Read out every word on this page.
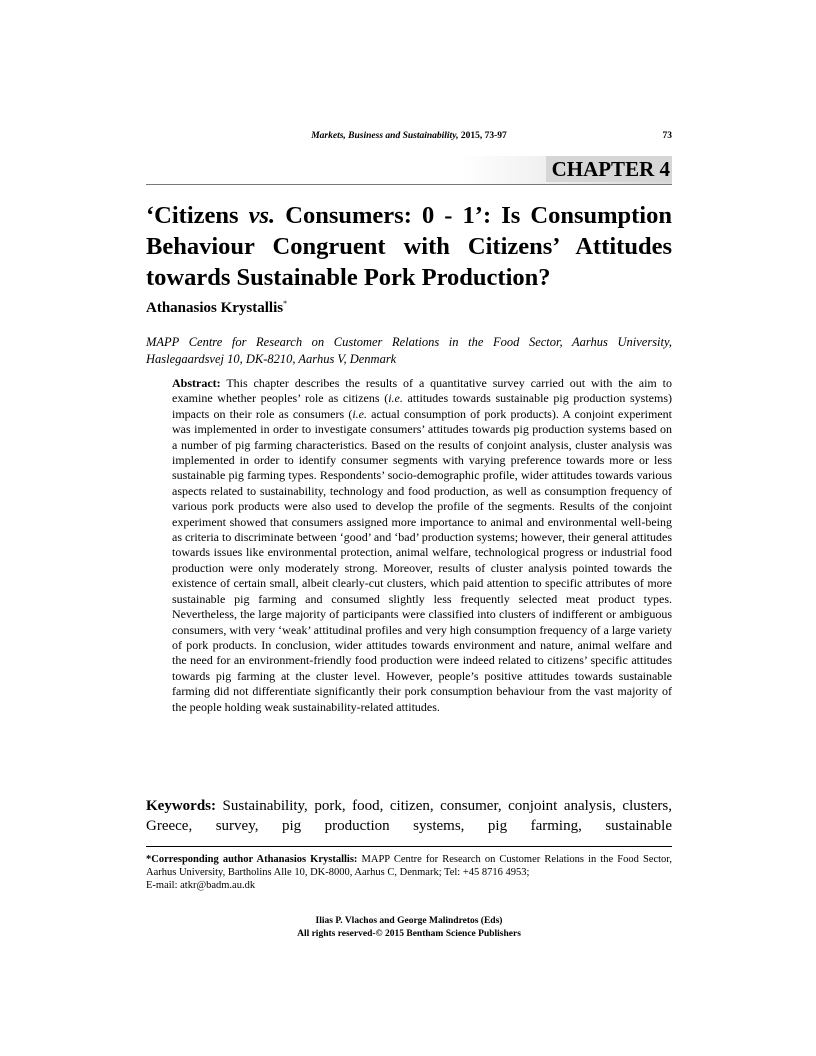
Markets, Business and Sustainability, 2015, 73-97	73
CHAPTER 4
‘Citizens vs. Consumers: 0 - 1’: Is Consumption Behaviour Congruent with Citizens’ Attitudes towards Sustainable Pork Production?
Athanasios Krystallis*
MAPP Centre for Research on Customer Relations in the Food Sector, Aarhus University, Haslegaardsvej 10, DK-8210, Aarhus V, Denmark
Abstract: This chapter describes the results of a quantitative survey carried out with the aim to examine whether peoples’ role as citizens (i.e. attitudes towards sustainable pig production systems) impacts on their role as consumers (i.e. actual consumption of pork products). A conjoint experiment was implemented in order to investigate consumers’ attitudes towards pig production systems based on a number of pig farming characteristics. Based on the results of conjoint analysis, cluster analysis was implemented in order to identify consumer segments with varying preference towards more or less sustainable pig farming types. Respondents’ socio-demographic profile, wider attitudes towards various aspects related to sustainability, technology and food production, as well as consumption frequency of various pork products were also used to develop the profile of the segments. Results of the conjoint experiment showed that consumers assigned more importance to animal and environmental well-being as criteria to discriminate between ‘good’ and ‘bad’ production systems; however, their general attitudes towards issues like environmental protection, animal welfare, technological progress or industrial food production were only moderately strong. Moreover, results of cluster analysis pointed towards the existence of certain small, albeit clearly-cut clusters, which paid attention to specific attributes of more sustainable pig farming and consumed slightly less frequently selected meat product types. Nevertheless, the large majority of participants were classified into clusters of indifferent or ambiguous consumers, with very ‘weak’ attitudinal profiles and very high consumption frequency of a large variety of pork products. In conclusion, wider attitudes towards environment and nature, animal welfare and the need for an environment-friendly food production were indeed related to citizens’ specific attitudes towards pig farming at the cluster level. However, people’s positive attitudes towards sustainable farming did not differentiate significantly their pork consumption behaviour from the vast majority of the people holding weak sustainability-related attitudes.
Keywords: Sustainability, pork, food, citizen, consumer, conjoint analysis, clusters, Greece, survey, pig production systems, pig farming, sustainable
*Corresponding author Athanasios Krystallis: MAPP Centre for Research on Customer Relations in the Food Sector, Aarhus University, Bartholins Alle 10, DK-8000, Aarhus C, Denmark; Tel: +45 8716 4953;
E-mail: atkr@badm.au.dk
Ilias P. Vlachos and George Malindretos (Eds)
All rights reserved-© 2015 Bentham Science Publishers
